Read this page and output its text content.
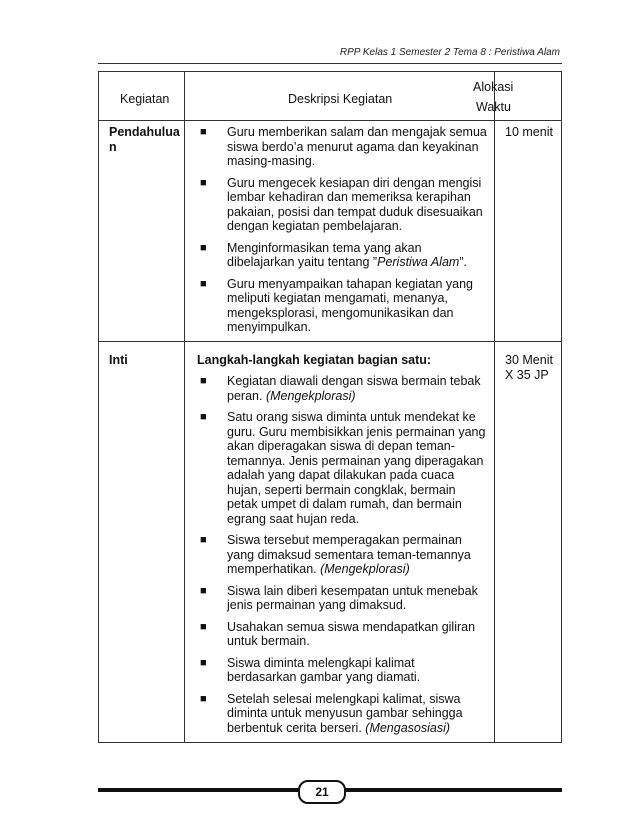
RPP Kelas 1 Semester 2 Tema 8 : Peristiwa Alam
Kegiatan	Deskripsi Kegiatan
Alokasi
Waktu
Pendahulua
n
10 menit
■ Guru memberikan salam dan mengajak semua siswa berdo’a menurut agama dan keyakinan masing-masing.
■ Guru mengecek kesiapan diri dengan mengisi lembar kehadiran dan memeriksa kerapihan pakaian, posisi dan tempat duduk disesuaikan dengan kegiatan pembelajaran.
■ Menginformasikan tema yang akan dibelajarkan yaitu tentang ”Peristiwa Alam”.
■ Guru menyampaikan tahapan kegiatan yang meliputi kegiatan mengamati, menanya, mengeksplorasi, mengomunikasikan dan menyimpulkan.
Inti	30 Menit
X 35 JP
Langkah-langkah kegiatan bagian satu:
■ Kegiatan diawali dengan siswa bermain tebak peran. (Mengekplorasi)
■ Satu orang siswa diminta untuk mendekat ke guru. Guru membisikkan jenis permainan yang akan diperagakan siswa di depan teman-temannya. Jenis permainan yang diperagakan adalah yang dapat dilakukan pada cuaca hujan, seperti bermain congklak, bermain petak umpet di dalam rumah, dan bermain egrang saat hujan reda.
■ Siswa tersebut memperagakan permainan yang dimaksud sementara teman-temannya memperhatikan. (Mengekplorasi)
■ Siswa lain diberi kesempatan untuk menebak jenis permainan yang dimaksud.
■ Usahakan semua siswa mendapatkan giliran untuk bermain.
■ Siswa diminta melengkapi kalimat berdasarkan gambar yang diamati.
■ Setelah selesai melengkapi kalimat, siswa diminta untuk menyusun gambar sehingga berbentuk cerita berseri. (Mengasosiasi)
21
